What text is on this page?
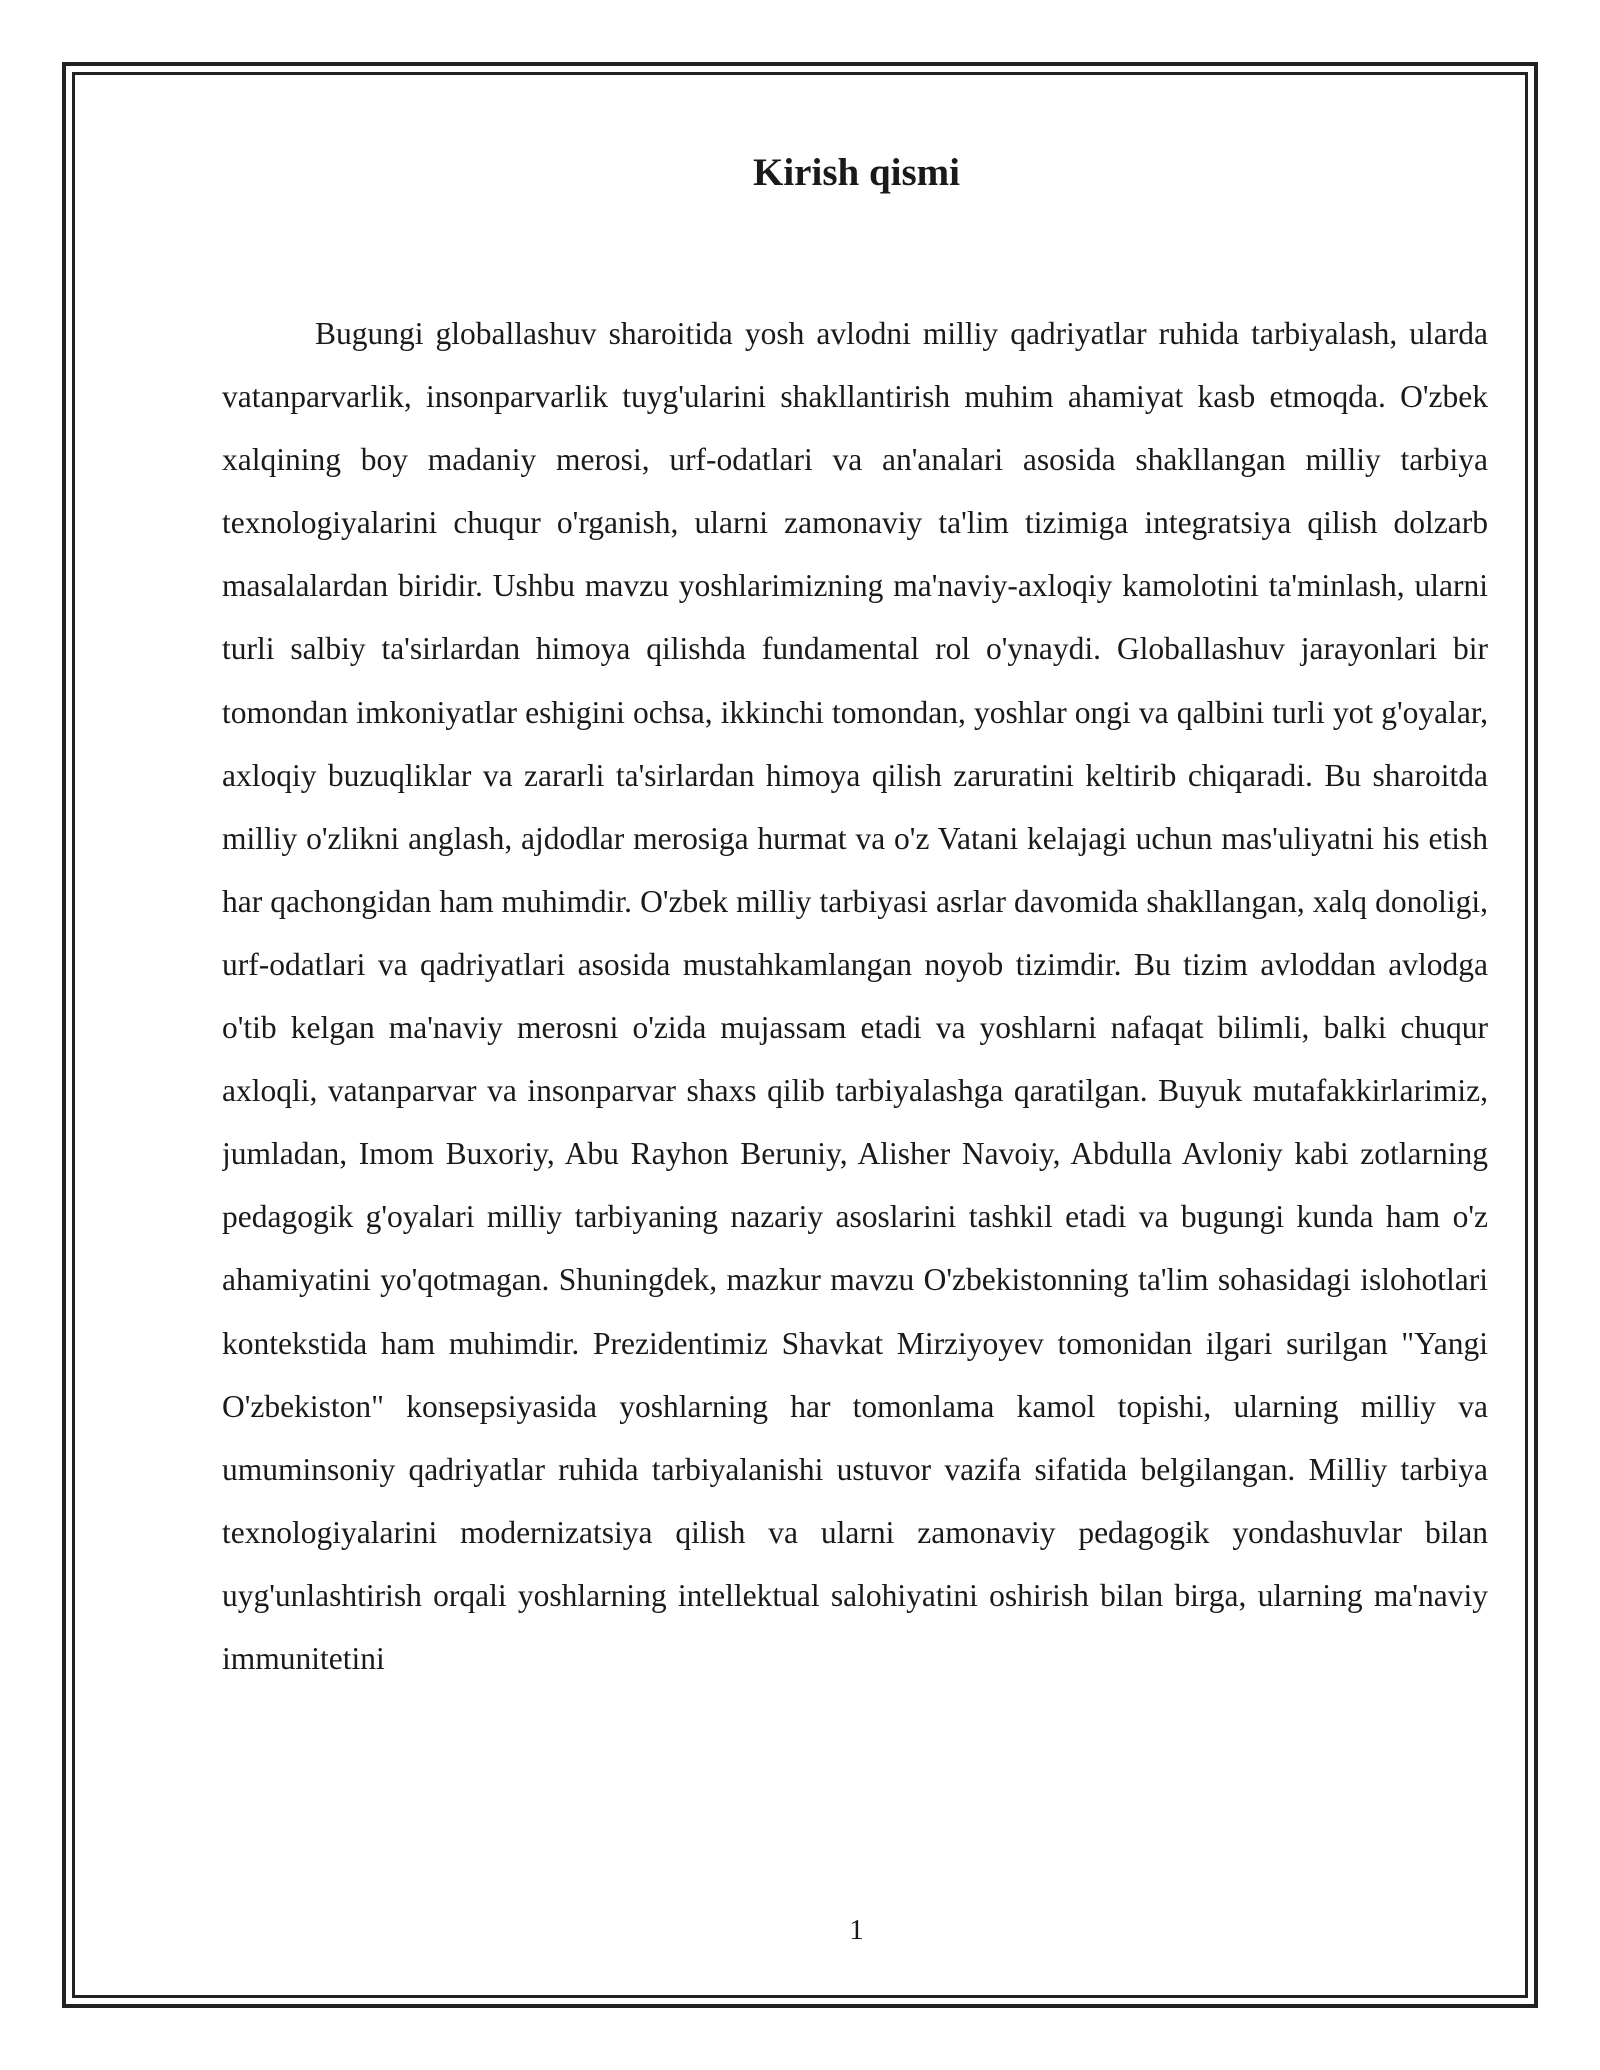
Kirish qismi

Bugungi globallashuv sharoitida yosh avlodni milliy qadriyatlar ruhida tarbiyalash, ularda vatanparvarlik, insonparvarlik tuyg'ularini shakllantirish muhim ahamiyat kasb etmoqda. O'zbek xalqining boy madaniy merosi, urf-odatlari va an'analari asosida shakllangan milliy tarbiya texnologiyalarini chuqur o'rganish, ularni zamonaviy ta'lim tizimiga integratsiya qilish dolzarb masalalardan biridir. Ushbu mavzu yoshlarimizning ma'naviy-axloqiy kamolotini ta'minlash, ularni turli salbiy ta'sirlardan himoya qilishda fundamental rol o'ynaydi. Globallashuv jarayonlari bir tomondan imkoniyatlar eshigini ochsa, ikkinchi tomondan, yoshlar ongi va qalbini turli yot g'oyalar, axloqiy buzuqliklar va zararli ta'sirlardan himoya qilish zaruratini keltirib chiqaradi. Bu sharoitda milliy o'zlikni anglash, ajdodlar merosiga hurmat va o'z Vatani kelajagi uchun mas'uliyatni his etish har qachongidan ham muhimdir. O'zbek milliy tarbiyasi asrlar davomida shakllangan, xalq donoligi, urf-odatlari va qadriyatlari asosida mustahkamlangan noyob tizimdir. Bu tizim avloddan avlodga o'tib kelgan ma'naviy merosni o'zida mujassam etadi va yoshlarni nafaqat bilimli, balki chuqur axloqli, vatanparvar va insonparvar shaxs qilib tarbiyalashga qaratilgan. Buyuk mutafakkirlarimiz, jumladan, Imom Buxoriy, Abu Rayhon Beruniy, Alisher Navoiy, Abdulla Avloniy kabi zotlarning pedagogik g'oyalari milliy tarbiyaning nazariy asoslarini tashkil etadi va bugungi kunda ham o'z ahamiyatini yo'qotmagan. Shuningdek, mazkur mavzu O'zbekistonning ta'lim sohasidagi islohotlari kontekstida ham muhimdir. Prezidentimiz Shavkat Mirziyoyev tomonidan ilgari surilgan "Yangi O'zbekiston" konsepsiyasida yoshlarning har tomonlama kamol topishi, ularning milliy va umuminsoniy qadriyatlar ruhida tarbiyalanishi ustuvor vazifa sifatida belgilangan. Milliy tarbiya texnologiyalarini modernizatsiya qilish va ularni zamonaviy pedagogik yondashuvlar bilan uyg'unlashtirish orqali yoshlarning intellektual salohiyatini oshirish bilan birga, ularning ma'naviy immunitetini

1
